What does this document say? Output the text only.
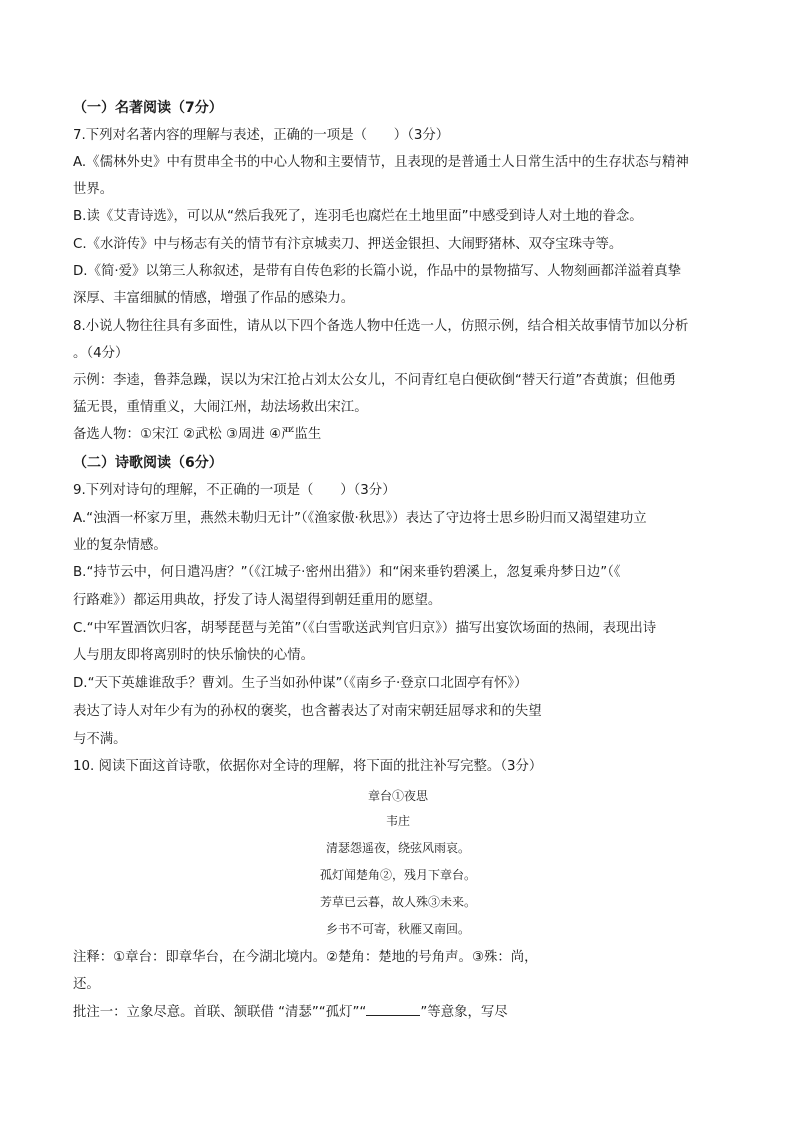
（一）名著阅读（7分）
7.下列对名著内容的理解与表述，正确的一项是（　　）（3分）
A.《儒林外史》中有贯串全书的中心人物和主要情节，且表现的是普通士人日常生活中的生存状态与精神
世界。
B.读《艾青诗选》，可以从“然后我死了，连羽毛也腐烂在土地里面”中感受到诗人对土地的眷念。
C.《水浒传》中与杨志有关的情节有汴京城卖刀、押送金银担、大闹野猪林、双夺宝珠寺等。
D.《简·爱》以第三人称叙述，是带有自传色彩的长篇小说，作品中的景物描写、人物刻画都洋溢着真挚
深厚、丰富细腻的情感，增强了作品的感染力。
8.小说人物往往具有多面性，请从以下四个备选人物中任选一人，仿照示例，结合相关故事情节加以分析
。（4分）
示例：李逵，鲁莽急躁，误以为宋江抢占刘太公女儿，不问青红皂白便砍倒“替天行道”杏黄旗；但他勇
猛无畏，重情重义，大闹江州，劫法场救出宋江。
备选人物：①宋江 ②武松 ③周进 ④严监生
（二）诗歌阅读（6分）
9.下列对诗句的理解，不正确的一项是（　　）（3分）
A.“浊酒一杯家万里，燕然未勒归无计”（《渔家傲·秋思》）表达了守边将士思乡盼归而又渴望建功立
业的复杂情感。
B.“持节云中，何日遣冯唐？”（《江城子·密州出猎》）和“闲来垂钓碧溪上，忽复乘舟梦日边”（《
行路难》）都运用典故，抒发了诗人渴望得到朝廷重用的愿望。
C.“中军置酒饮归客，胡琴琵琶与羌笛”（《白雪歌送武判官归京》）描写出宴饮场面的热闹，表现出诗
人与朋友即将离别时的快乐愉快的心情。
D.“天下英雄谁敌手？曹刘。生子当如孙仲谋”（《南乡子·登京口北固亭有怀》）
表达了诗人对年少有为的孙权的褒奖，也含蓄表达了对南宋朝廷屈辱求和的失望
与不满。
10. 阅读下面这首诗歌，依据你对全诗的理解，将下面的批注补写完整。（3分）
章台①夜思
韦庄
清瑟怨遥夜，绕弦风雨哀。
孤灯闻楚角②，残月下章台。
芳草已云暮，故人殊③未来。
乡书不可寄，秋雁又南回。
注释：①章台：即章华台，在今湖北境内。②楚角：楚地的号角声。③殊：尚，
还。
批注一：立象尽意。首联、颔联借 “清瑟”“孤灯”“	”等意象，写尽
